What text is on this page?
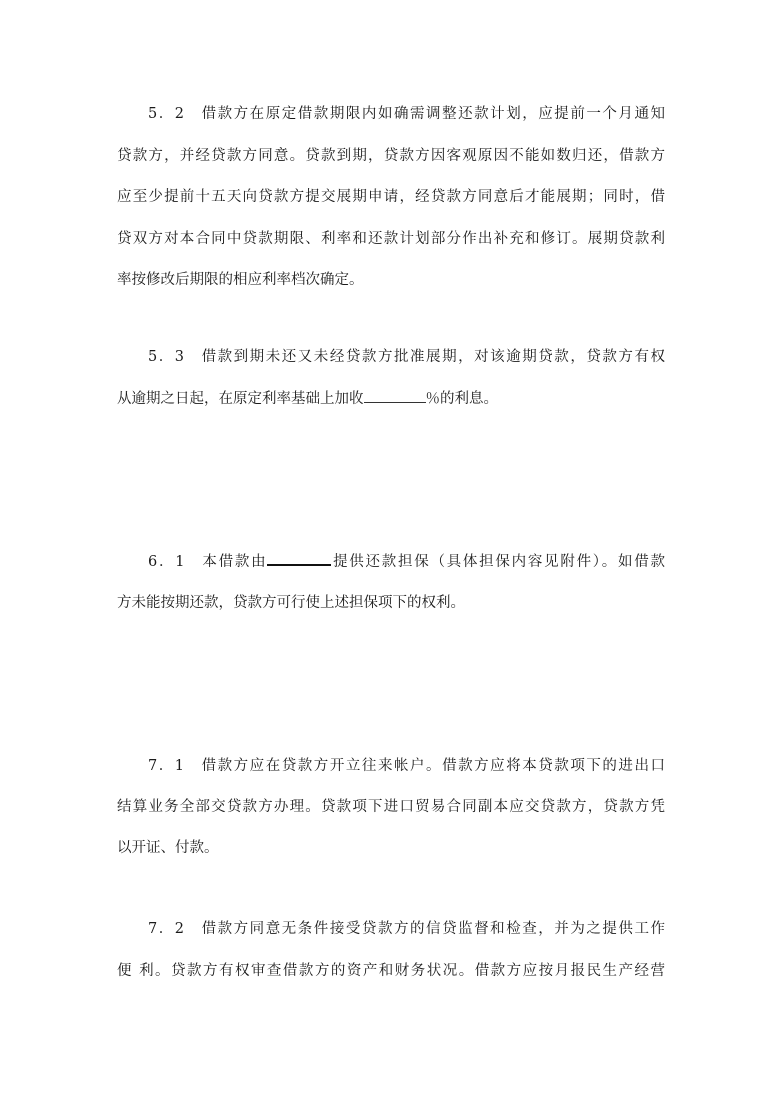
5．2　借款方在原定借款期限内如确需调整还款计划，应提前一个月通知
贷款方，并经贷款方同意。贷款到期，贷款方因客观原因不能如数归还，借款方
应至少提前十五天向贷款方提交展期申请，经贷款方同意后才能展期；同时，借
贷双方对本合同中贷款期限、利率和还款计划部分作出补充和修订。展期贷款利
率按修改后期限的相应利率档次确定。
5．3　借款到期未还又未经贷款方批准展期，对该逾期贷款，贷款方有权
从逾期之日起，在原定利率基础上加收	％的利息。
6．1　本借款由	提供还款担保（具体担保内容见附件）。如借款
方未能按期还款，贷款方可行使上述担保项下的权利。
7．1　借款方应在贷款方开立往来帐户。借款方应将本贷款项下的进出口
结算业务全部交贷款方办理。贷款项下进口贸易合同副本应交贷款方，贷款方凭
以开证、付款。
7．2　借款方同意无条件接受贷款方的信贷监督和检查，并为之提供工作
便 利。贷款方有权审查借款方的资产和财务状况。借款方应按月报民生产经营
